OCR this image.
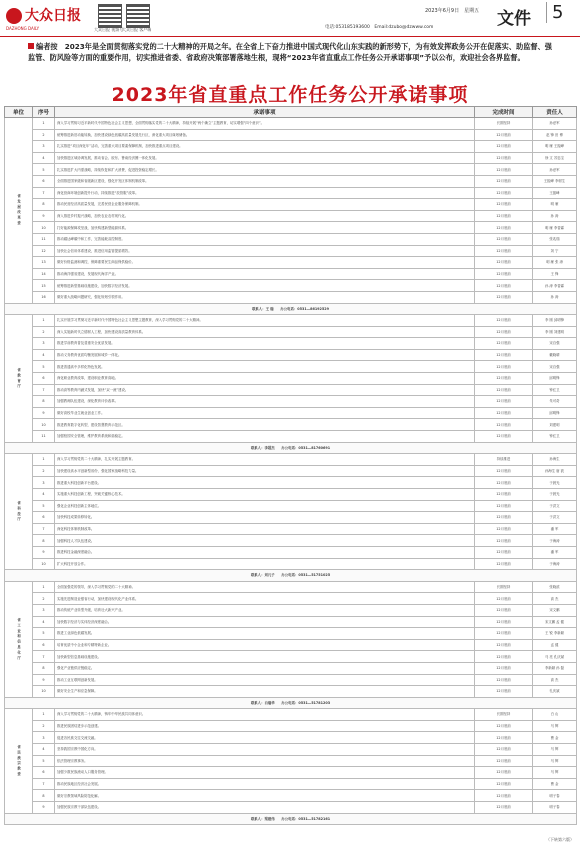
大众日报
DAZHONG DAILY	大众日报 视频号
大众日报 客户端
2023年6月9日　星期五
电话:053185193600　Email:dzubo@dzwww.com	文件	5
编者按　2023年是全面贯彻落实党的二十大精神的开局之年。在全省上下奋力推进中国式现代化山东实践的新形势下，为有效发挥政务公开在促落实、助监督、强监管、防风险等方面的重要作用，切实推进省委、省政府决策部署落地生根，现将“2023年省直重点工作任务公开承诺事项”予以公布，欢迎社会各界监督。
2023年省直重点工作任务公开承诺事项
单位	序号	承诺事项	完成时间	责任人
省发展改革委	1	深入学习贯彻习近平新时代中国特色社会主义思想，全面贯彻落实党的二十大精神，持续开展“两个确立”主题教育，切实增强“四个意识”。	长期坚持	孙爱军
	2	统筹推进新旧动能转换，加快建设绿色低碳高质量发展先行区，深化重大项目谋划储备。	12月底前	赵 锋 田 博
	3	扎实推进“项目深化年”活动，完善重大项目要素保障机制，加快推进重点项目建设。	12月底前	明 雁 王振峰
	4	加快推进区域协调发展，推动省会、胶东、鲁南经济圈一体化发展。	12月底前	徐 文 苏忠宝
	5	扎实推进扩大内需战略，持续恢复和扩大消费，促进投资稳定增长。	12月底前	孙爱军
	6	全面推进国家级和省级新区建设，强化开发区体制机制改革。	12月底前	王振峰 李树生
	7	深化营商环境创新提升行动，持续推进“放管服”改革。	12月底前	王振峰
	8	推动民营经济高质量发展，完善民营企业服务保障机制。	12月底前	明 雁
	9	深入推进乡村振兴战略，加快农业农村现代化。	12月底前	孙 涛
	10	打好能源保障攻坚战，加快构建新型能源体系。	12月底前	明 雁 李香霖
	11	推动碳达峰碳中和工作，完善能耗双控制度。	12月底前	张兆瑞
	12	加快社会信用体系建设，推进信用监管提质增效。	12月底前	刘 宁
	13	做好价格监测和调控，保障重要民生商品保供稳价。	12月底前	明 雁 张 涛
	14	推动海洋强省建设，发展现代海洋产业。	12月底前	王 锋
	15	统筹推进新型基础设施建设，加快数字经济发展。	12月底前	孙 涛 李香霖
	16	做好重大战略问题研究，强化规划引领作用。	12月底前	孙 涛
联系人：王 瑞　　办公电话：0531—86192529				
省教育厅	1	扎实开展学习贯彻习近平新时代中国特色社会主义思想主题教育，深入学习贯彻党的二十大精神。	12月底前	李 刚 邱明锋
	2	深入实施新时代立德树人工程，加快建设高质量教育体系。	12月底前	李 刚 刘建明
	3	推进学前教育普及普惠安全优质发展。	12月底前	宋自强
	4	推动义务教育优质均衡发展和城乡一体化。	12月底前	戴晓晴
	5	推进普通高中多样化特色发展。	12月底前	宋自强
	6	深化职业教育改革，建设职业教育高地。	12月底前	邱明锋
	7	推动高等教育内涵式发展，加快“双一流”建设。	12月底前	钟红卫
	8	加强教师队伍建设，深化教育评价改革。	12月底前	朱可奇
	9	做好高校毕业生就业创业工作。	12月底前	邱明锋
	10	推进教育数字化转型，建设智慧教育示范区。	12月底前	刘建明
	11	加强校园安全管理，维护教育系统和谐稳定。	12月底前	钟红卫
联系人：李超杰　　办公电话：0531—81760691				
省科技厅	1	深入学习贯彻党的二十大精神，扎实开展主题教育。	持续推进	孙海生
	2	加快建设高水平创新型省份，强化国家战略科技力量。	12月底前	孙海生 唐 波
	3	推进重大科技创新平台建设。	12月底前	于晨光
	4	实施重大科技创新工程，突破关键核心技术。	12月底前	于晨光
	5	强化企业科技创新主体地位。	12月底前	于洪文
	6	加快科技成果转移转化。	12月底前	于洪文
	7	深化科技体制机制改革。	12月底前	潘 军
	8	加强科技人才队伍建设。	12月底前	于海涛
	9	推进科技金融深度融合。	12月底前	潘 军
	10	扩大科技开放合作。	12月底前	于海涛
联系人：刘凡子　　办公电话：0531—51751025				
省工业和信息化厅	1	全面加强党的领导，深入学习贯彻党的二十大精神。	长期坚持	张晓滨
	2	实施先进制造业强省行动，加快建设现代化产业体系。	12月底前	高 杰
	3	推动传统产业转型升级，培育壮大新兴产业。	12月底前	宋文鹏
	4	加快数字经济与实体经济深度融合。	12月底前	宋文鹏 孟 健
	5	推进工业绿色低碳发展。	12月底前	王 锐 李新颖
	6	培育优质中小企业和专精特新企业。	12月底前	孟 健
	7	加快新型信息基础设施建设。	12月底前	马 亮 孔庆斌
	8	强化产业链供应链稳定。	12月底前	李新颖 孙 磊
	9	推动工业互联网创新发展。	12月底前	高 杰
	10	做好安全生产和应急保障。	12月底前	孔庆斌
联系人：白瑞华　　办公电话：0531—51781203				
省民族宗教委	1	深入学习贯彻党的二十大精神，铸牢中华民族共同体意识。	长期坚持	白 山
	2	推进民族团结进步示范创建。	12月底前	马 辉
	3	促进各民族交往交流交融。	12月底前	曹 金
	4	坚持我国宗教中国化方向。	12月底前	马 辉
	5	依法管理宗教事务。	12月底前	马 辉
	6	加强少数民族流动人口服务管理。	12月底前	马 辉
	7	推动民族地区经济社会发展。	12月底前	曹 金
	8	做好宗教领域风险防范化解。	12月底前	明子春
	9	加强民族宗教干部队伍建设。	12月底前	明子春
联系人：梁建伟　　办公电话：0531—51782161				
（下转第六版）
